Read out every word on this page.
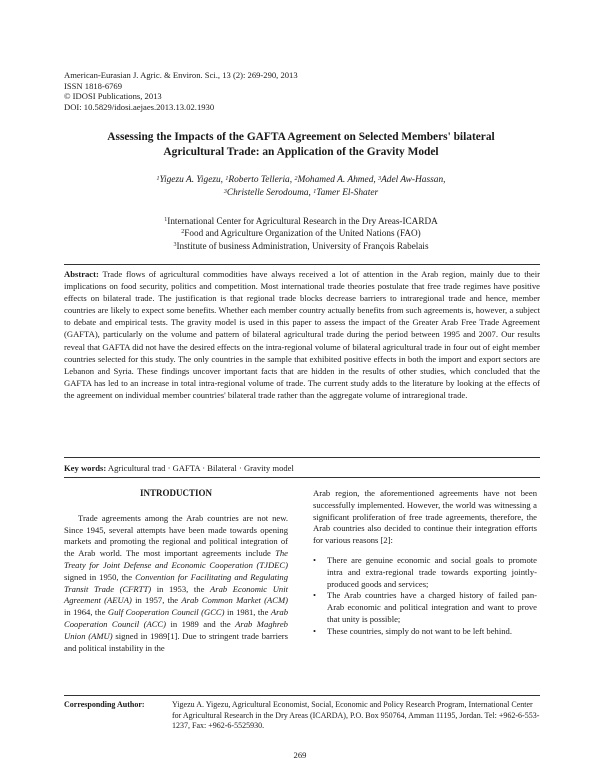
American-Eurasian J. Agric. & Environ. Sci., 13 (2): 269-290, 2013
ISSN 1818-6769
© IDOSI Publications, 2013
DOI: 10.5829/idosi.aejaes.2013.13.02.1930
Assessing the Impacts of the GAFTA Agreement on Selected Members' bilateral
Agricultural Trade: an Application of the Gravity Model
$^1$Yigezu A. Yigezu, $^1$Roberto Telleria, $^2$Mohamed A. Ahmed, $^3$Adel Aw-Hassan,
$^3$Christelle Serodouma, $^1$Tamer El-Shater
$^1$International Center for Agricultural Research in the Dry Areas-ICARDA
$^2$Food and Agriculture Organization of the United Nations (FAO)
$^3$Institute of business Administration, University of François Rabelais
Abstract: Trade flows of agricultural commodities have always received a lot of attention in the Arab region, mainly due to their implications on food security, politics and competition. Most international trade theories postulate that free trade regimes have positive effects on bilateral trade. The justification is that regional trade blocks decrease barriers to intraregional trade and hence, member countries are likely to expect some benefits. Whether each member country actually benefits from such agreements is, however, a subject to debate and empirical tests. The gravity model is used in this paper to assess the impact of the Greater Arab Free Trade Agreement (GAFTA), particularly on the volume and pattern of bilateral agricultural trade during the period between 1995 and 2007. Our results reveal that GAFTA did not have the desired effects on the intra-regional volume of bilateral agricultural trade in four out of eight member countries selected for this study. The only countries in the sample that exhibited positive effects in both the import and export sectors are Lebanon and Syria. These findings uncover important facts that are hidden in the results of other studies, which concluded that the GAFTA has led to an increase in total intra-regional volume of trade. The current study adds to the literature by looking at the effects of the agreement on individual member countries' bilateral trade rather than the aggregate volume of intraregional trade.
Key words: Agricultural trad · GAFTA · Bilateral · Gravity model
INTRODUCTION

Trade agreements among the Arab countries are not new. Since 1945, several attempts have been made towards opening markets and promoting the regional and political integration of the Arab world. The most important agreements include The Treaty for Joint Defense and Economic Cooperation (TJDEC) signed in 1950, the Convention for Facilitating and Regulating Transit Trade (CFRTT) in 1953, the Arab Economic Unit Agreement (AEUA) in 1957, the Arab Common Market (ACM) in 1964, the Gulf Cooperation Council (GCC) in 1981, the Arab Cooperation Council (ACC) in 1989 and the Arab Maghreb Union (AMU) signed in 1989[1]. Due to stringent trade barriers and political instability in the

Arab region, the aforementioned agreements have not been successfully implemented. However, the world was witnessing a significant proliferation of free trade agreements, therefore, the Arab countries also decided to continue their integration efforts for various reasons [2]:

• There are genuine economic and social goals to promote intra and extra-regional trade towards exporting jointly-produced goods and services;
• The Arab countries have a charged history of failed pan-Arab economic and political integration and want to prove that unity is possible;
• These countries, simply do not want to be left behind.
Corresponding Author:	Yigezu A. Yigezu, Agricultural Economist, Social, Economic and Policy Research Program, International Center for Agricultural Research in the Dry Areas (ICARDA), P.O. Box 950764, Amman 11195, Jordan. Tel: +962-6-553-1237, Fax: +962-6-5525930.
269
